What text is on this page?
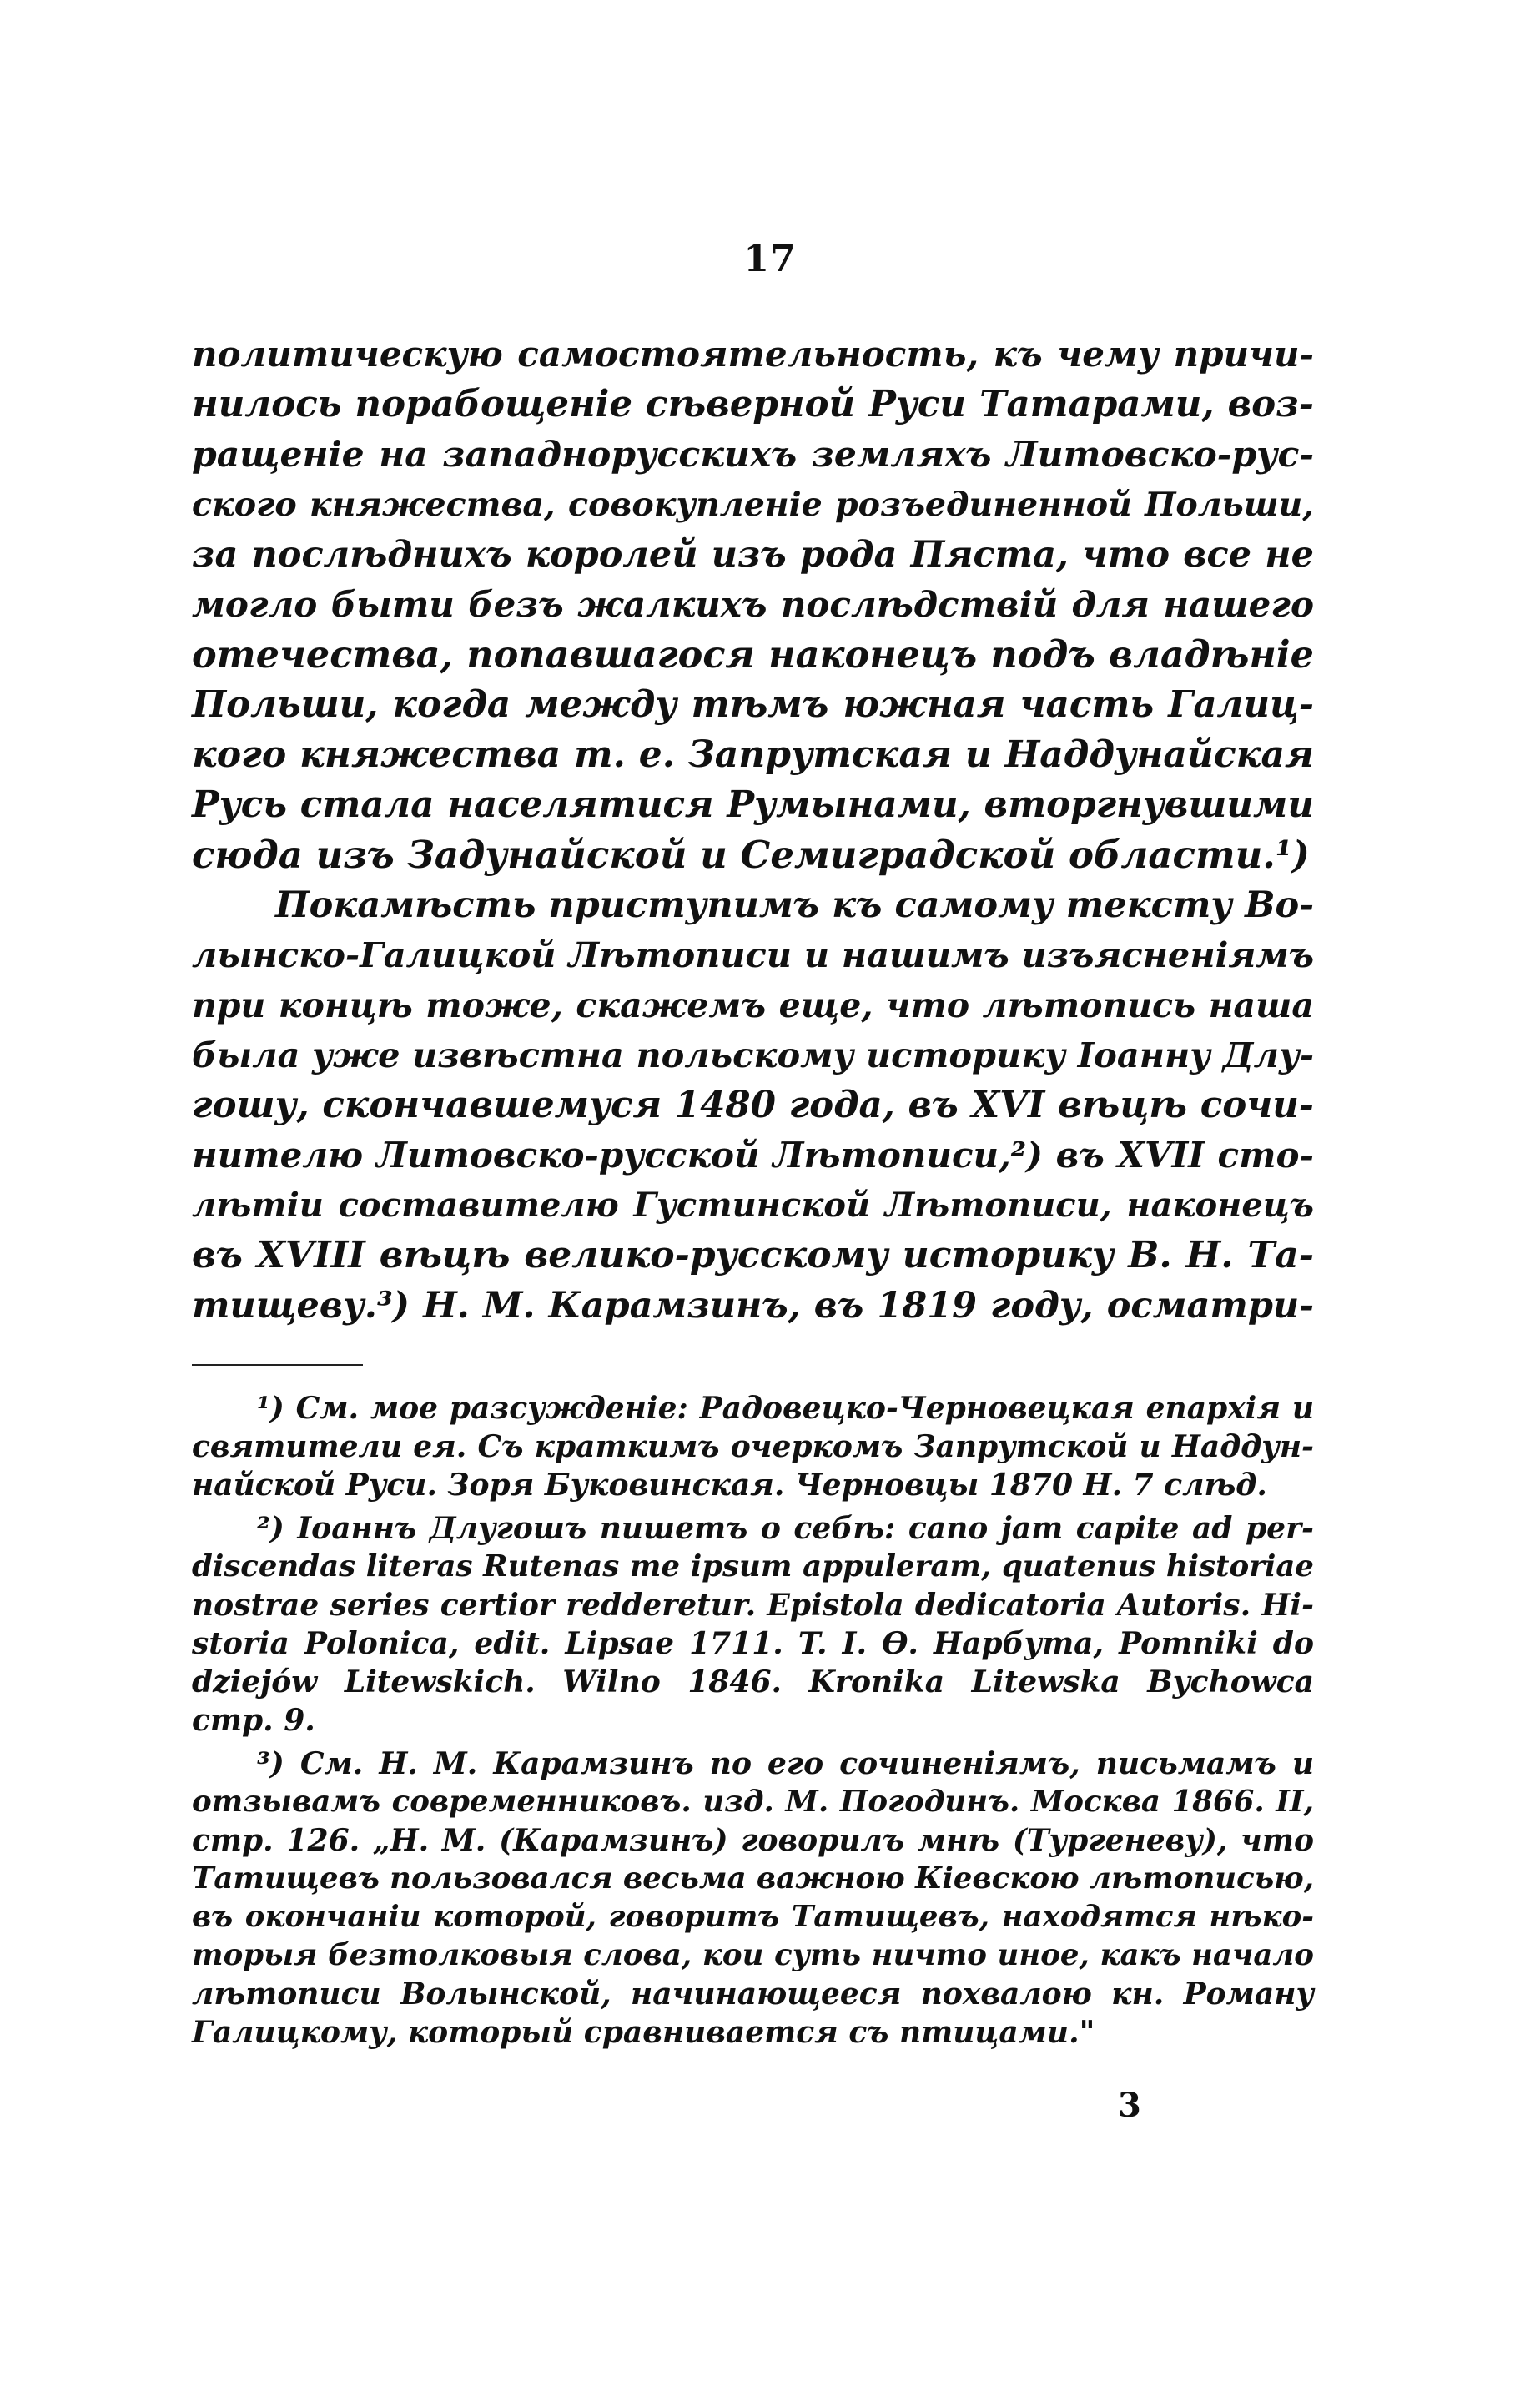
17
политическую самостоятельность, къ чему причи-
нилось порабощеніе сѣверной Руси Татарами, воз-
ращеніе на западнорусскихъ земляхъ Литовско-рус-
ского княжества, совокупленіе розъединенной Польши,
за послѣднихъ королей изъ рода Пяста, что все не
могло быти безъ жалкихъ послѣдствій для нашего
отечества, попавшагося наконецъ подъ владѣніе
Польши, когда между тѣмъ южная часть Галиц-
кого княжества т. е. Запрутская и Наддунайская
Русь стала населятися Румынами, вторгнувшими
сюда изъ Задунайской и Семиградской области.¹)
Покамѣсть приступимъ къ самому тексту Во-
лынско-Галицкой Лѣтописи и нашимъ изъясненіямъ
при концѣ тоже, скажемъ еще, что лѣтопись наша
была уже извѣстна польскому историку Іоанну Длу-
гошу, скончавшемуся 1480 года, въ XVI вѣцѣ сочи-
нителю Литовско-русской Лѣтописи,²) въ XVII сто-
лѣтіи составителю Густинской Лѣтописи, наконецъ
въ XVIII вѣцѣ велико-русскому историку В. Н. Та-
тищеву.³) Н. М. Карамзинъ, въ 1819 году, осматри-
¹) См. мое разсужденіе: Радовецко-Черновецкая епархія и
святители ея. Съ краткимъ очеркомъ Запрутской и Наддун-
найской Руси. Зоря Буковинская. Черновцы 1870 Н. 7 слѣд.
²) Іоаннъ Длугошъ пишетъ о себѣ: cano jam capite ad per-
discendas literas Rutenas me ipsum appuleram, quatenus historiae
nostrae series certior redderetur. Epistola dedicatoria Autoris. Hi-
storia Polonica, edit. Lipsae 1711. T. I. Ѳ. Нарбута, Pomniki do
dziejów Litewskich. Wilno 1846. Kronika Litewska Bychowca
стр. 9.
³) См. Н. М. Карамзинъ по его сочиненіямъ, письмамъ и
отзывамъ современниковъ. изд. М. Погодинъ. Москва 1866. II,
стр. 126. „Н. М. (Карамзинъ) говорилъ мнѣ (Тургеневу), что
Татищевъ пользовался весьма важною Кіевскою лѣтописью,
въ окончаніи которой, говоритъ Татищевъ, находятся нѣко-
торыя безтолковыя слова, кои суть ничто иное, какъ начало
лѣтописи Волынской, начинающееся похвалою кн. Роману
Галицкому, который сравнивается съ птицами."
3
